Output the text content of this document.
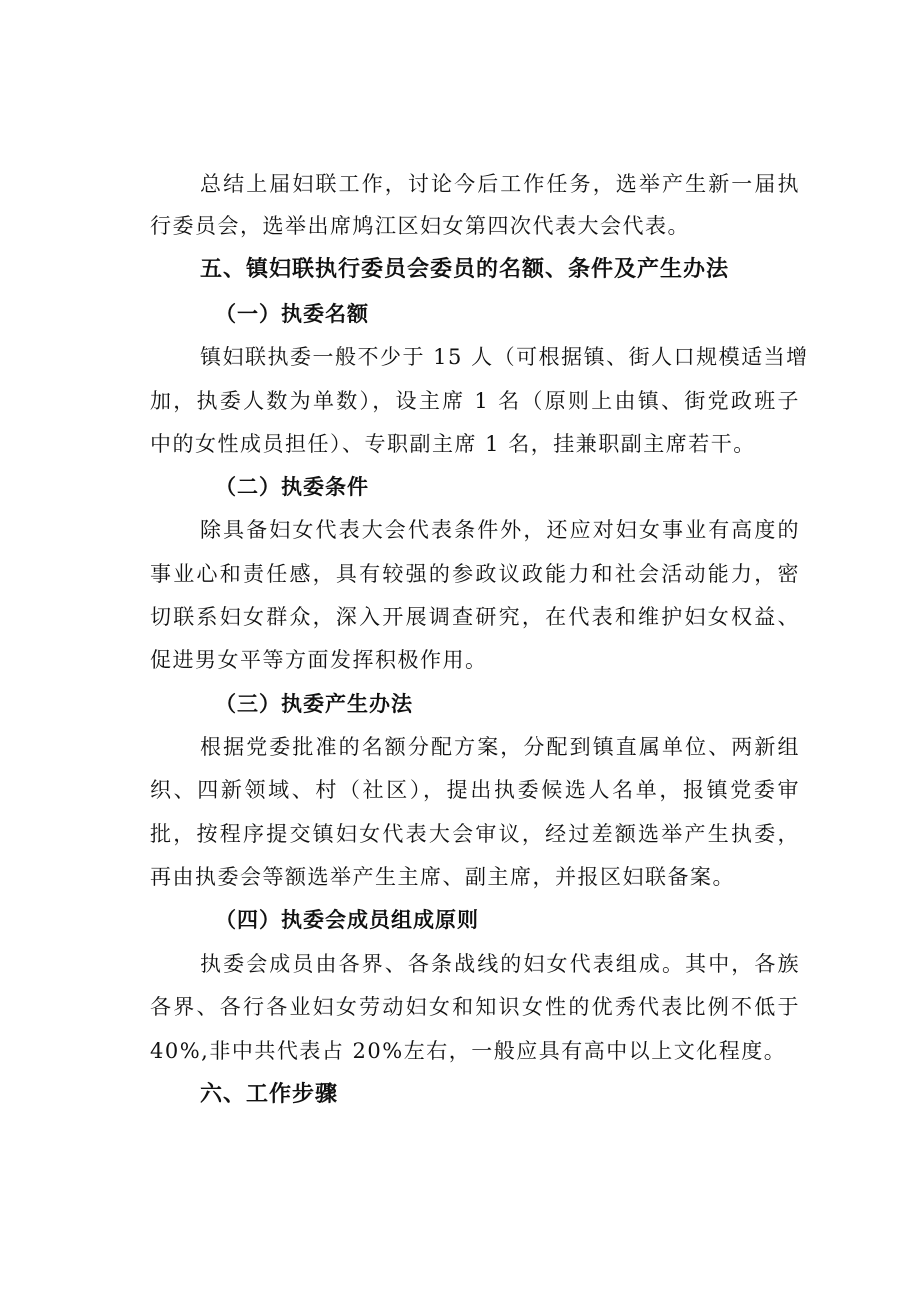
总结上届妇联工作，讨论今后工作任务，选举产生新一届执
行委员会，选举出席鸠江区妇女第四次代表大会代表。
五、镇妇联执行委员会委员的名额、条件及产生办法
（一）执委名额
镇妇联执委一般不少于 15 人（可根据镇、街人口规模适当增
加，执委人数为单数），设主席 1 名（原则上由镇、街党政班子
中的女性成员担任）、专职副主席 1 名，挂兼职副主席若干。
（二）执委条件
除具备妇女代表大会代表条件外，还应对妇女事业有高度的
事业心和责任感，具有较强的参政议政能力和社会活动能力，密
切联系妇女群众，深入开展调查研究，在代表和维护妇女权益、
促进男女平等方面发挥积极作用。
（三）执委产生办法
根据党委批准的名额分配方案，分配到镇直属单位、两新组
织、四新领域、村（社区），提出执委候选人名单，报镇党委审
批，按程序提交镇妇女代表大会审议，经过差额选举产生执委，
再由执委会等额选举产生主席、副主席，并报区妇联备案。
（四）执委会成员组成原则
执委会成员由各界、各条战线的妇女代表组成。其中，各族
各界、各行各业妇女劳动妇女和知识女性的优秀代表比例不低于
40%,非中共代表占 20%左右，一般应具有高中以上文化程度。
六、工作步骤
